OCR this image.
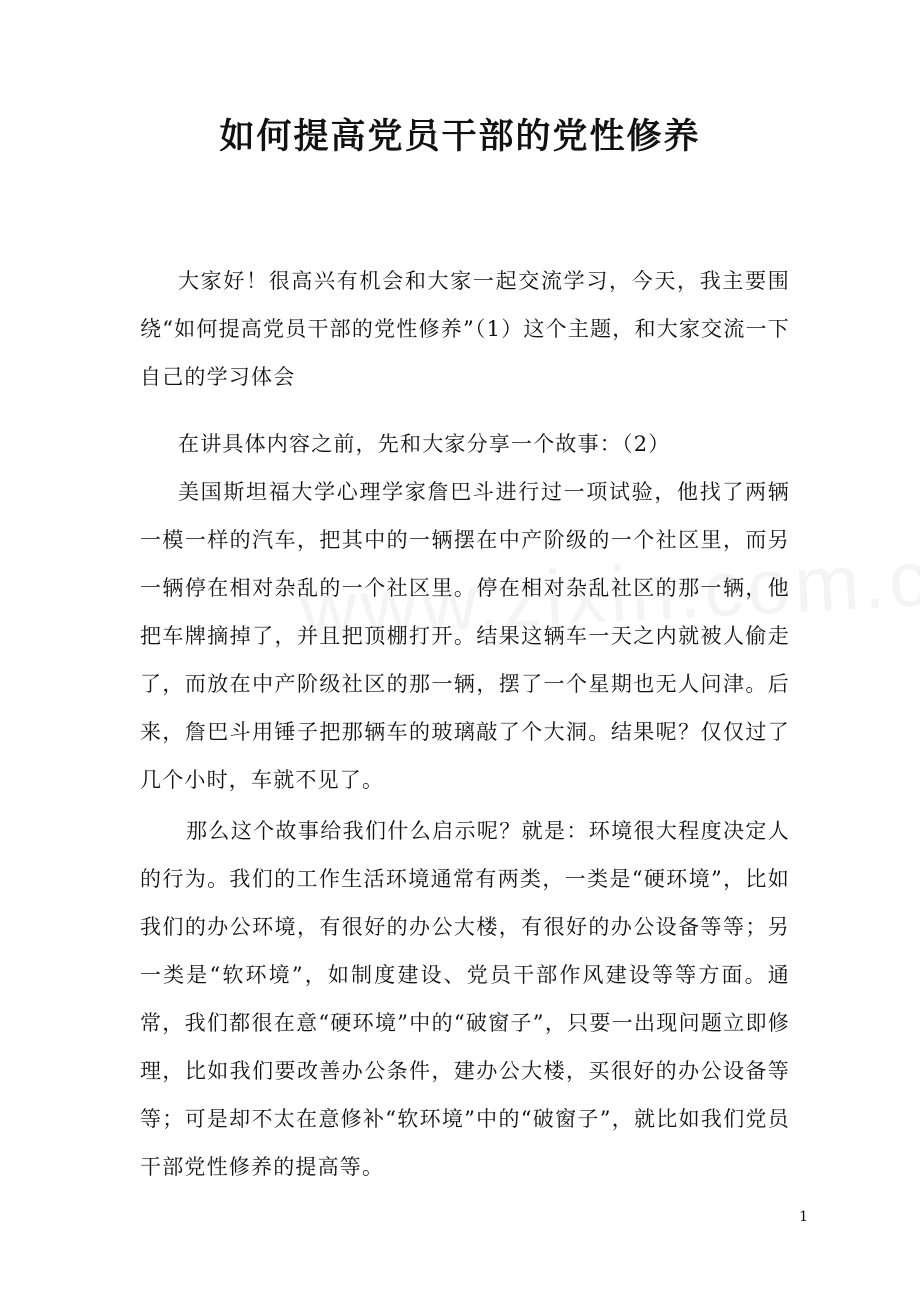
如何提高党员干部的党性修养
大家好！很高兴有机会和大家一起交流学习，今天，我主要围绕“如何提高党员干部的党性修养”（1）这个主题，和大家交流一下自己的学习体会
在讲具体内容之前，先和大家分享一个故事：（2）
美国斯坦福大学心理学家詹巴斗进行过一项试验，他找了两辆一模一样的汽车，把其中的一辆摆在中产阶级的一个社区里，而另一辆停在相对杂乱的一个社区里。停在相对杂乱社区的那一辆，他把车牌摘掉了，并且把顶棚打开。结果这辆车一天之内就被人偷走了，而放在中产阶级社区的那一辆，摆了一个星期也无人问津。后来，詹巴斗用锤子把那辆车的玻璃敲了个大洞。结果呢？仅仅过了几个小时，车就不见了。
那么这个故事给我们什么启示呢？就是：环境很大程度决定人的行为。我们的工作生活环境通常有两类，一类是“硬环境”，比如我们的办公环境，有很好的办公大楼，有很好的办公设备等等；另一类是“软环境”，如制度建设、党员干部作风建设等等方面。通常，我们都很在意“硬环境”中的“破窗子”，只要一出现问题立即修理，比如我们要改善办公条件，建办公大楼，买很好的办公设备等等；可是却不太在意修补“软环境”中的“破窗子”，就比如我们党员干部党性修养的提高等。
1
